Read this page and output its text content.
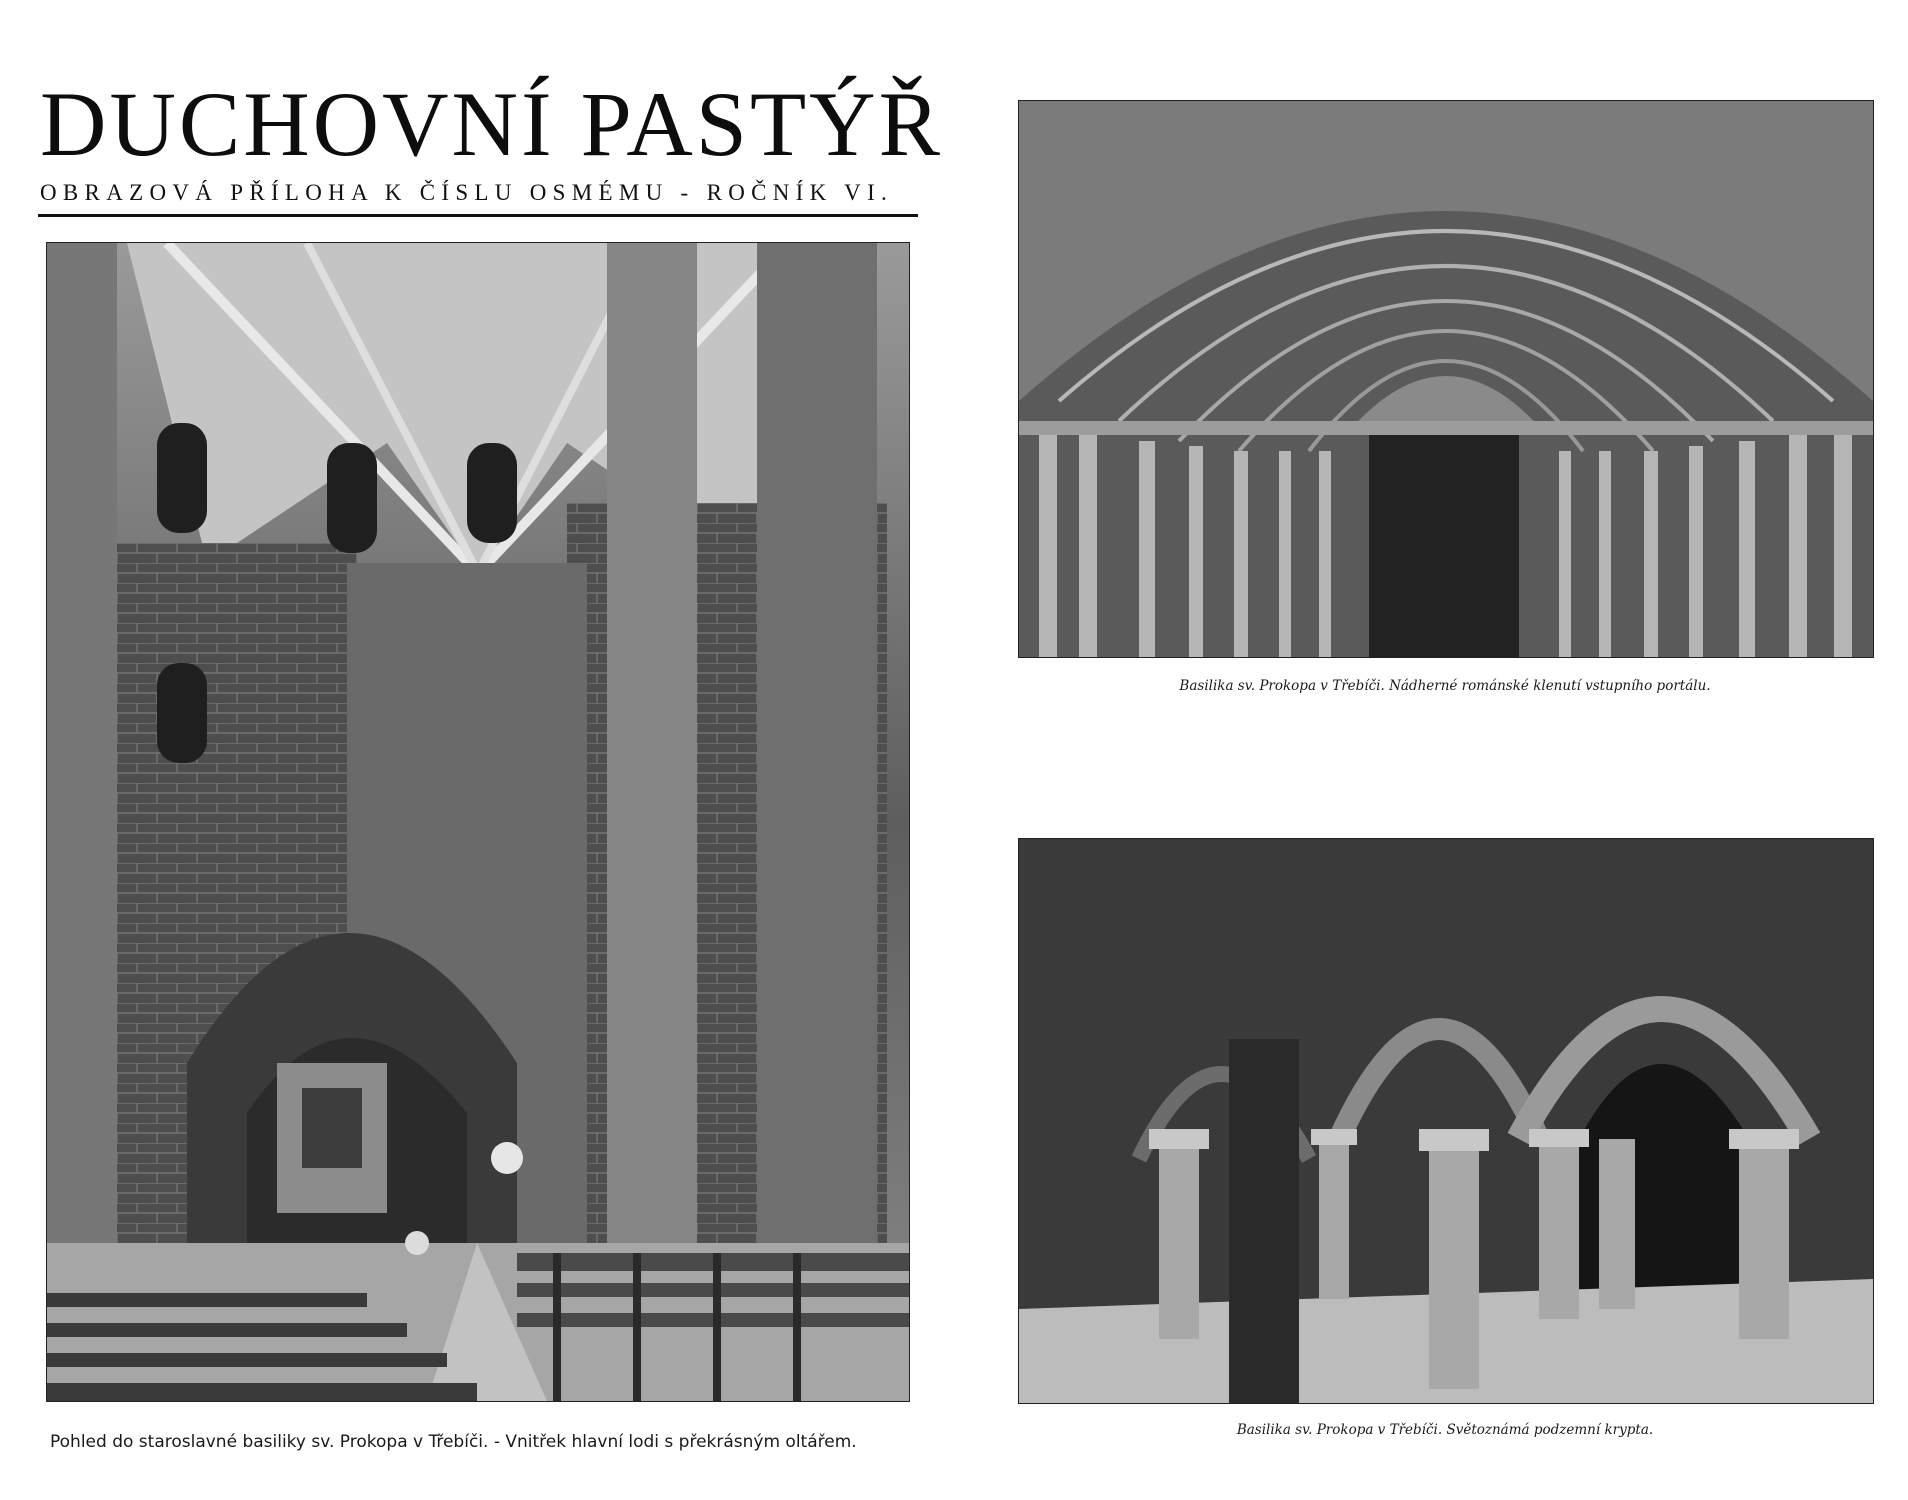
DUCHOVNÍ PASTÝŘ
OBRAZOVÁ PŘÍLOHA K ČÍSLU OSMÉMU - ROČNÍK VI.
Pohled do staroslavné basiliky sv. Prokopa v Třebíči. - Vnitřek hlavní lodi s překrásným oltářem.
Basilika sv. Prokopa v Třebíči. Nádherné románské klenutí vstupního portálu.
Basilika sv. Prokopa v Třebíči. Světoznámá podzemní krypta.
